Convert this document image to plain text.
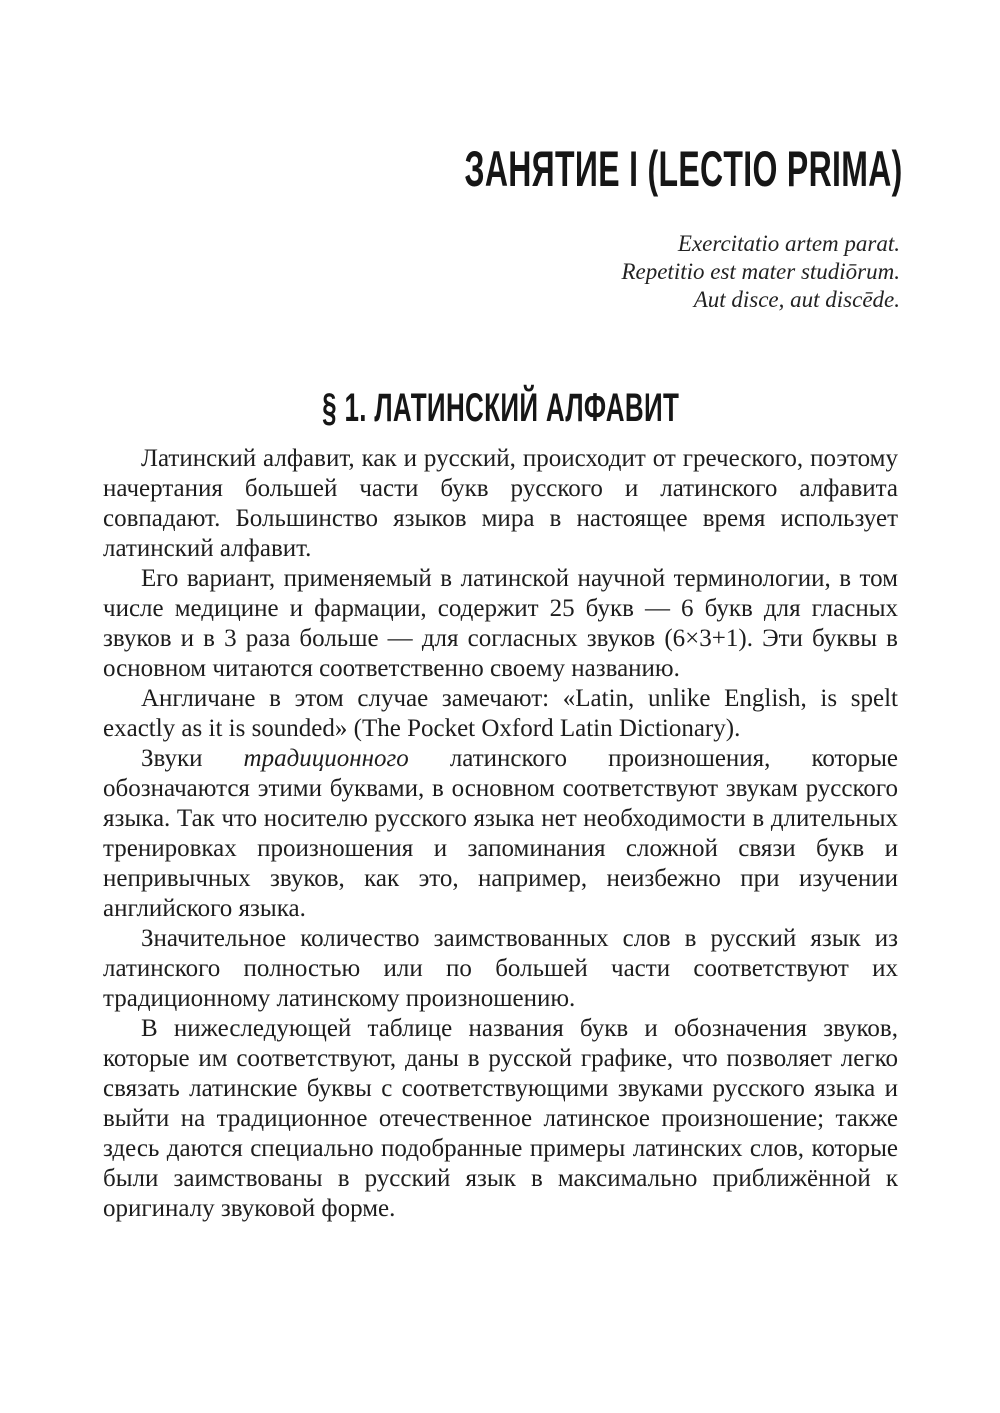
ЗАНЯТИЕ I (LECTIO PRIMA)
Exercitatio artem parat.
Repetitio est mater studiōrum.
Aut disce, aut discēde.
§ 1. ЛАТИНСКИЙ АЛФАВИТ

Латинский алфавит, как и русский, происходит от греческого, поэтому начертания большей части букв русского и латинского алфавита совпадают. Большинство языков мира в настоящее время использует латинский алфавит.

Его вариант, применяемый в латинской научной терминологии, в том числе медицине и фармации, содержит 25 букв — 6 букв для гласных звуков и в 3 раза больше — для согласных звуков (6×3+1). Эти буквы в основном читаются соответственно своему названию.

Англичане в этом случае замечают: «Latin, unlike English, is spelt exactly as it is sounded» (The Pocket Oxford Latin Dictionary).

Звуки традиционного латинского произношения, которые обозначаются этими буквами, в основном соответствуют звукам русского языка. Так что носителю русского языка нет необходимости в длительных тренировках произношения и запоминания сложной связи букв и непривычных звуков, как это, например, неизбежно при изучении английского языка.

Значительное количество заимствованных слов в русский язык из латинского полностью или по большей части соответствуют их традиционному латинскому произношению.

В нижеследующей таблице названия букв и обозначения звуков, которые им соответствуют, даны в русской графике, что позволяет легко связать латинские буквы с соответствующими звуками русского языка и выйти на традиционное отечественное латинское произношение; также здесь даются специально подобранные примеры латинских слов, которые были заимствованы в русский язык в максимально приближённой к оригиналу звуковой форме.
